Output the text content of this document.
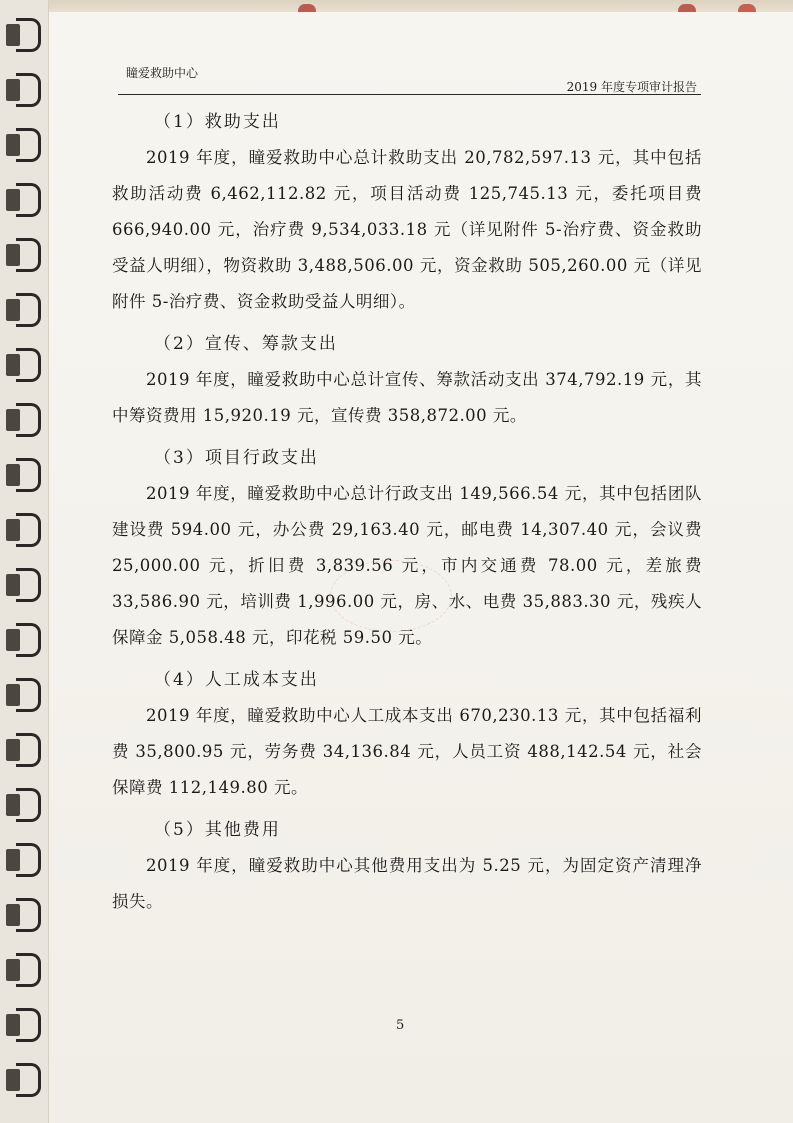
瞳爱救助中心
2019 年度专项审计报告
（1）救助支出
2019 年度，瞳爱救助中心总计救助支出 20,782,597.13 元，其中包括救助活动费 6,462,112.82 元，项目活动费 125,745.13 元，委托项目费 666,940.00 元，治疗费 9,534,033.18 元（详见附件 5-治疗费、资金救助受益人明细），物资救助 3,488,506.00 元，资金救助 505,260.00 元（详见附件 5-治疗费、资金救助受益人明细）。
（2）宣传、筹款支出
2019 年度，瞳爱救助中心总计宣传、筹款活动支出 374,792.19 元，其中筹资费用 15,920.19 元，宣传费 358,872.00 元。
（3）项目行政支出
2019 年度，瞳爱救助中心总计行政支出 149,566.54 元，其中包括团队建设费 594.00 元，办公费 29,163.40 元，邮电费 14,307.40 元，会议费 25,000.00 元，折旧费 3,839.56 元，市内交通费 78.00 元，差旅费 33,586.90 元，培训费 1,996.00 元，房、水、电费 35,883.30 元，残疾人保障金 5,058.48 元，印花税 59.50 元。
（4）人工成本支出
2019 年度，瞳爱救助中心人工成本支出 670,230.13 元，其中包括福利费 35,800.95 元，劳务费 34,136.84 元，人员工资 488,142.54 元，社会保障费 112,149.80 元。
（5）其他费用
2019 年度，瞳爱救助中心其他费用支出为 5.25 元，为固定资产清理净损失。
5
